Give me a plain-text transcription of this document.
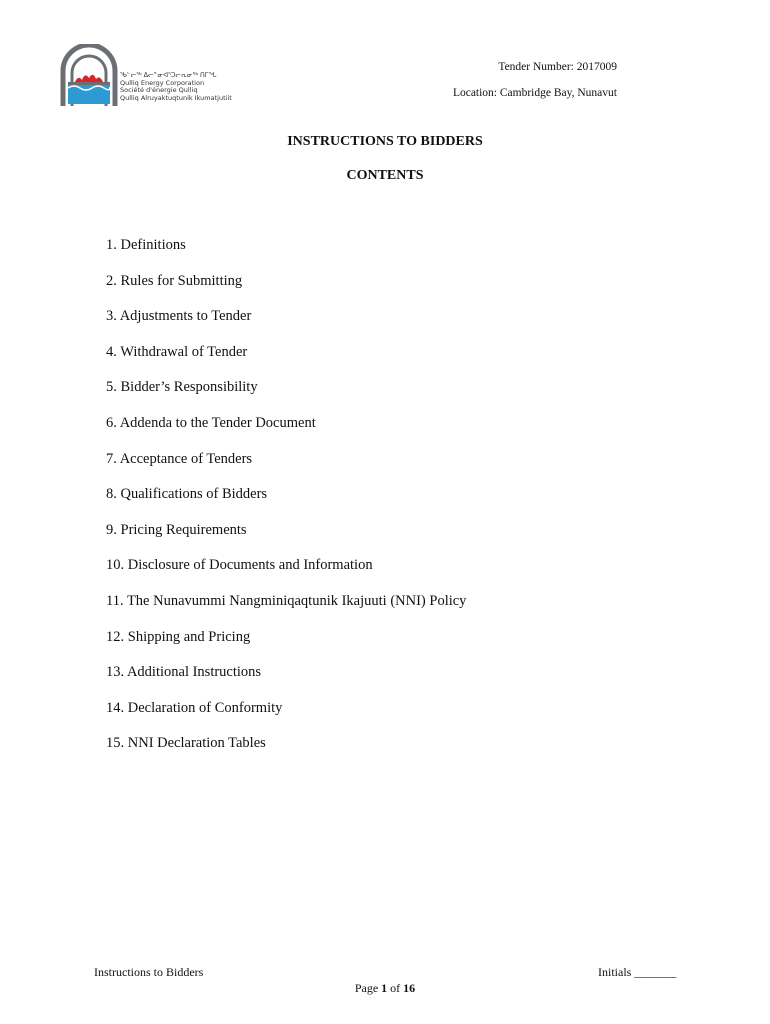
ᖃᓪᓕᖅ ᐃᓕᓐᓂᐊᕐᑐᓕᕆᓂᖅ ᑎᒥᖓ
Qulliq Energy Corporation
Société d'énergie Qulliq
Qulliq Alruyaktuqtunik Ikumatjutiit
Tender Number: 2017009
Location: Cambridge Bay, Nunavut
INSTRUCTIONS TO BIDDERS
CONTENTS
1. Definitions
2. Rules for Submitting
3. Adjustments to Tender
4. Withdrawal of Tender
5. Bidder’s Responsibility
6. Addenda to the Tender Document
7. Acceptance of Tenders
8. Qualifications of Bidders
9. Pricing Requirements
10. Disclosure of Documents and Information
11. The Nunavummi Nangminiqaqtunik Ikajuuti (NNI) Policy
12. Shipping and Pricing
13. Additional Instructions
14. Declaration of Conformity
15. NNI Declaration Tables
Instructions to Bidders	Initials _______
Page 1 of 16
